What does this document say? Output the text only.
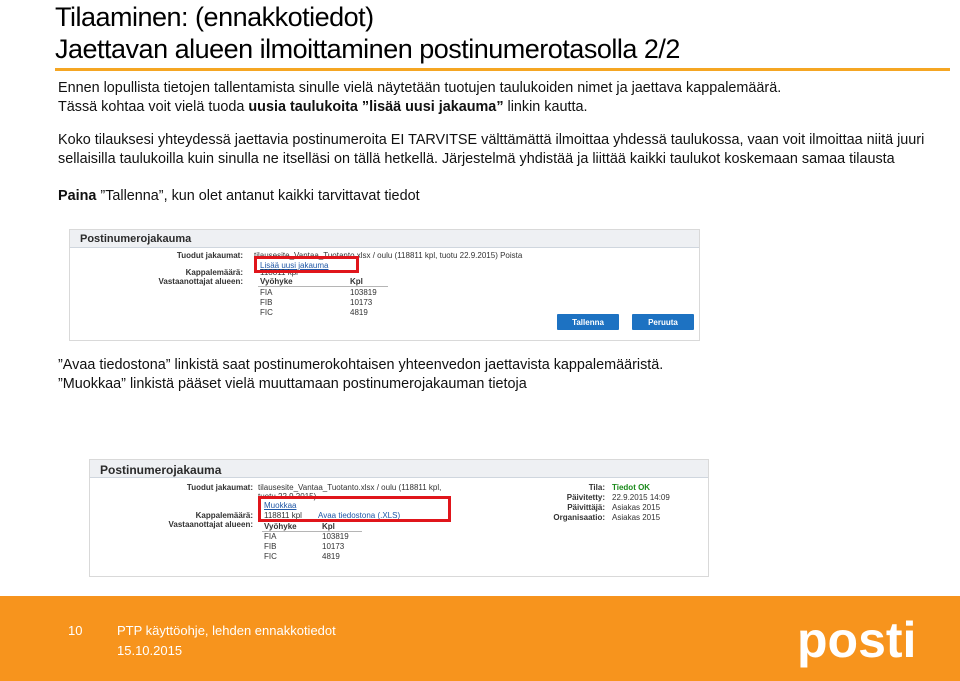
Tilaaminen: (ennakkotiedot)
Jaettavan alueen ilmoittaminen postinumerotasolla 2/2
Ennen lopullista tietojen tallentamista sinulle vielä näytetään tuotujen taulukoiden nimet ja jaettava kappalemäärä.
Tässä kohtaa voit vielä tuoda uusia taulukoita ”lisää uusi jakauma” linkin kautta.
Koko tilauksesi yhteydessä jaettavia postinumeroita EI TARVITSE välttämättä ilmoittaa yhdessä taulukossa, vaan voit ilmoittaa niitä juuri sellaisilla taulukoilla kuin sinulla ne itselläsi on tällä hetkellä. Järjestelmä yhdistää ja liittää kaikki taulukot koskemaan samaa tilausta
Paina ”Tallenna”, kun olet antanut kaikki tarvittavat tiedot
Postinumerojakauma
Tuodut jakaumat: tilausesite_Vantaa_Tuotanto.xlsx / oulu (118811 kpl, tuotu 22.9.2015) Poista
Lisää uusi jakauma
Kappalemäärä: 118811 kpl
Vastaanottajat alueen: Vyöhyke	Kpl
FIA	103819
FIB	10173
FIC	4819
Tallenna	Peruuta
”Avaa tiedostona” linkistä saat postinumerokohtaisen yhteenvedon jaettavista kappalemääristä.
”Muokkaa” linkistä pääset vielä muuttamaan postinumerojakauman tietoja
Postinumerojakauma
Tuodut jakaumat: tilausesite_Vantaa_Tuotanto.xlsx / oulu (118811 kpl,
tuotu 22.9.2015)
Muokkaa
Kappalemäärä: 118811 kpl Avaa tiedostona (.XLS)
Vastaanottajat alueen: Vyöhyke	Kpl
FIA	103819
FIB	10173
FIC	4819
Tila: Tiedot OK
Päivitetty: 22.9.2015 14:09
Päivittäjä: Asiakas 2015
Organisaatio: Asiakas 2015
10	PTP käyttöohje, lehden ennakkotiedot
15.10.2015	posti
